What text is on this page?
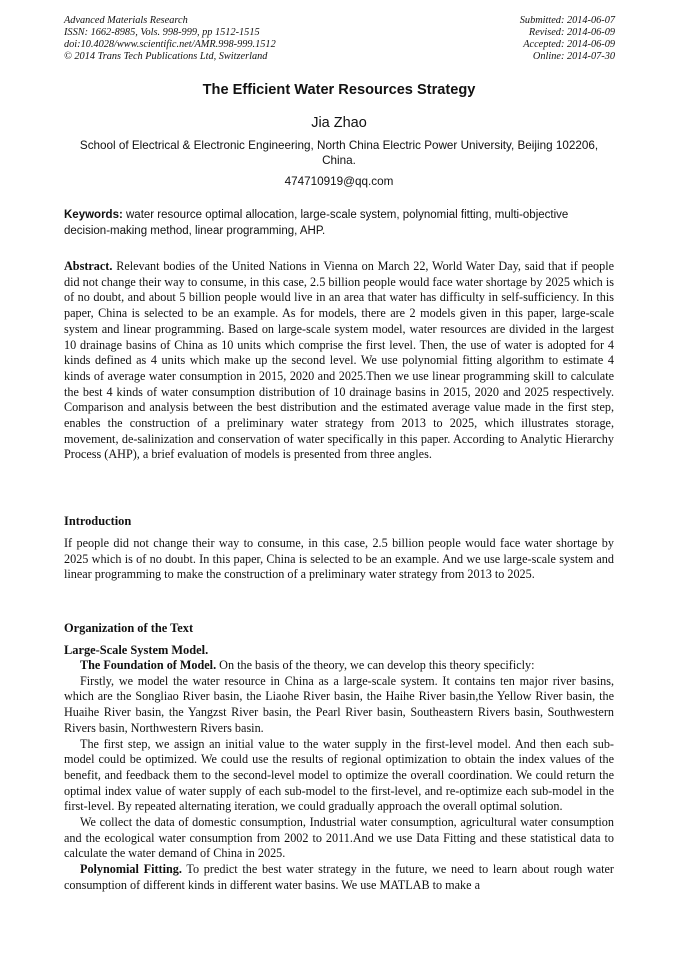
Advanced Materials Research
ISSN: 1662-8985, Vols. 998-999, pp 1512-1515
doi:10.4028/www.scientific.net/AMR.998-999.1512
© 2014 Trans Tech Publications Ltd, Switzerland
Submitted: 2014-06-07
Revised: 2014-06-09
Accepted: 2014-06-09
Online: 2014-07-30
The Efficient Water Resources Strategy
Jia Zhao
School of Electrical & Electronic Engineering, North China Electric Power University, Beijing 102206, China.
474710919@qq.com
Keywords: water resource optimal allocation, large-scale system, polynomial fitting, multi-objective decision-making method, linear programming, AHP.

Abstract. Relevant bodies of the United Nations in Vienna on March 22, World Water Day, said that if people did not change their way to consume, in this case, 2.5 billion people would face water shortage by 2025 which is of no doubt, and about 5 billion people would live in an area that water has difficulty in self-sufficiency. In this paper, China is selected to be an example. As for models, there are 2 models given in this paper, large-scale system and linear programming. Based on large-scale system model, water resources are divided in the largest 10 drainage basins of China as 10 units which comprise the first level. Then, the use of water is adopted for 4 kinds defined as 4 units which make up the second level. We use polynomial fitting algorithm to estimate 4 kinds of average water consumption in 2015, 2020 and 2025.Then we use linear programming skill to calculate the best 4 kinds of water consumption distribution of 10 drainage basins in 2015, 2020 and 2025 respectively. Comparison and analysis between the best distribution and the estimated average value made in the first step, enables the construction of a preliminary water strategy from 2013 to 2025, which illustrates storage, movement, de-salinization and conservation of water specifically in this paper. According to Analytic Hierarchy Process (AHP), a brief evaluation of models is presented from three angles.

Introduction

If people did not change their way to consume, in this case, 2.5 billion people would face water shortage by 2025 which is of no doubt. In this paper, China is selected to be an example. And we use large-scale system and linear programming to make the construction of a preliminary water strategy from 2013 to 2025.

Organization of the Text
Large-Scale System Model.

The Foundation of Model. On the basis of the theory, we can develop this theory specificly:

Firstly, we model the water resource in China as a large-scale system. It contains ten major river basins, which are the Songliao River basin, the Liaohe River basin, the Haihe River basin,the Yellow River basin, the Huaihe River basin, the Yangzst River basin, the Pearl River basin, Southeastern Rivers basin, Southwestern Rivers basin, Northwestern Rivers basin.

The first step, we assign an initial value to the water supply in the first-level model. And then each sub-model could be optimized. We could use the results of regional optimization to obtain the index values of the benefit, and feedback them to the second-level model to optimize the overall coordination. We could return the optimal index value of water supply of each sub-model to the first-level, and re-optimize each sub-model in the first-level. By repeated alternating iteration, we could gradually approach the overall optimal solution.

We collect the data of domestic consumption, Industrial water consumption, agricultural water consumption and the ecological water consumption from 2002 to 2011.And we use Data Fitting and these statistical data to calculate the water demand of China in 2025.

Polynomial Fitting. To predict the best water strategy in the future, we need to learn about rough water consumption of different kinds in different water basins. We use MATLAB to make a
